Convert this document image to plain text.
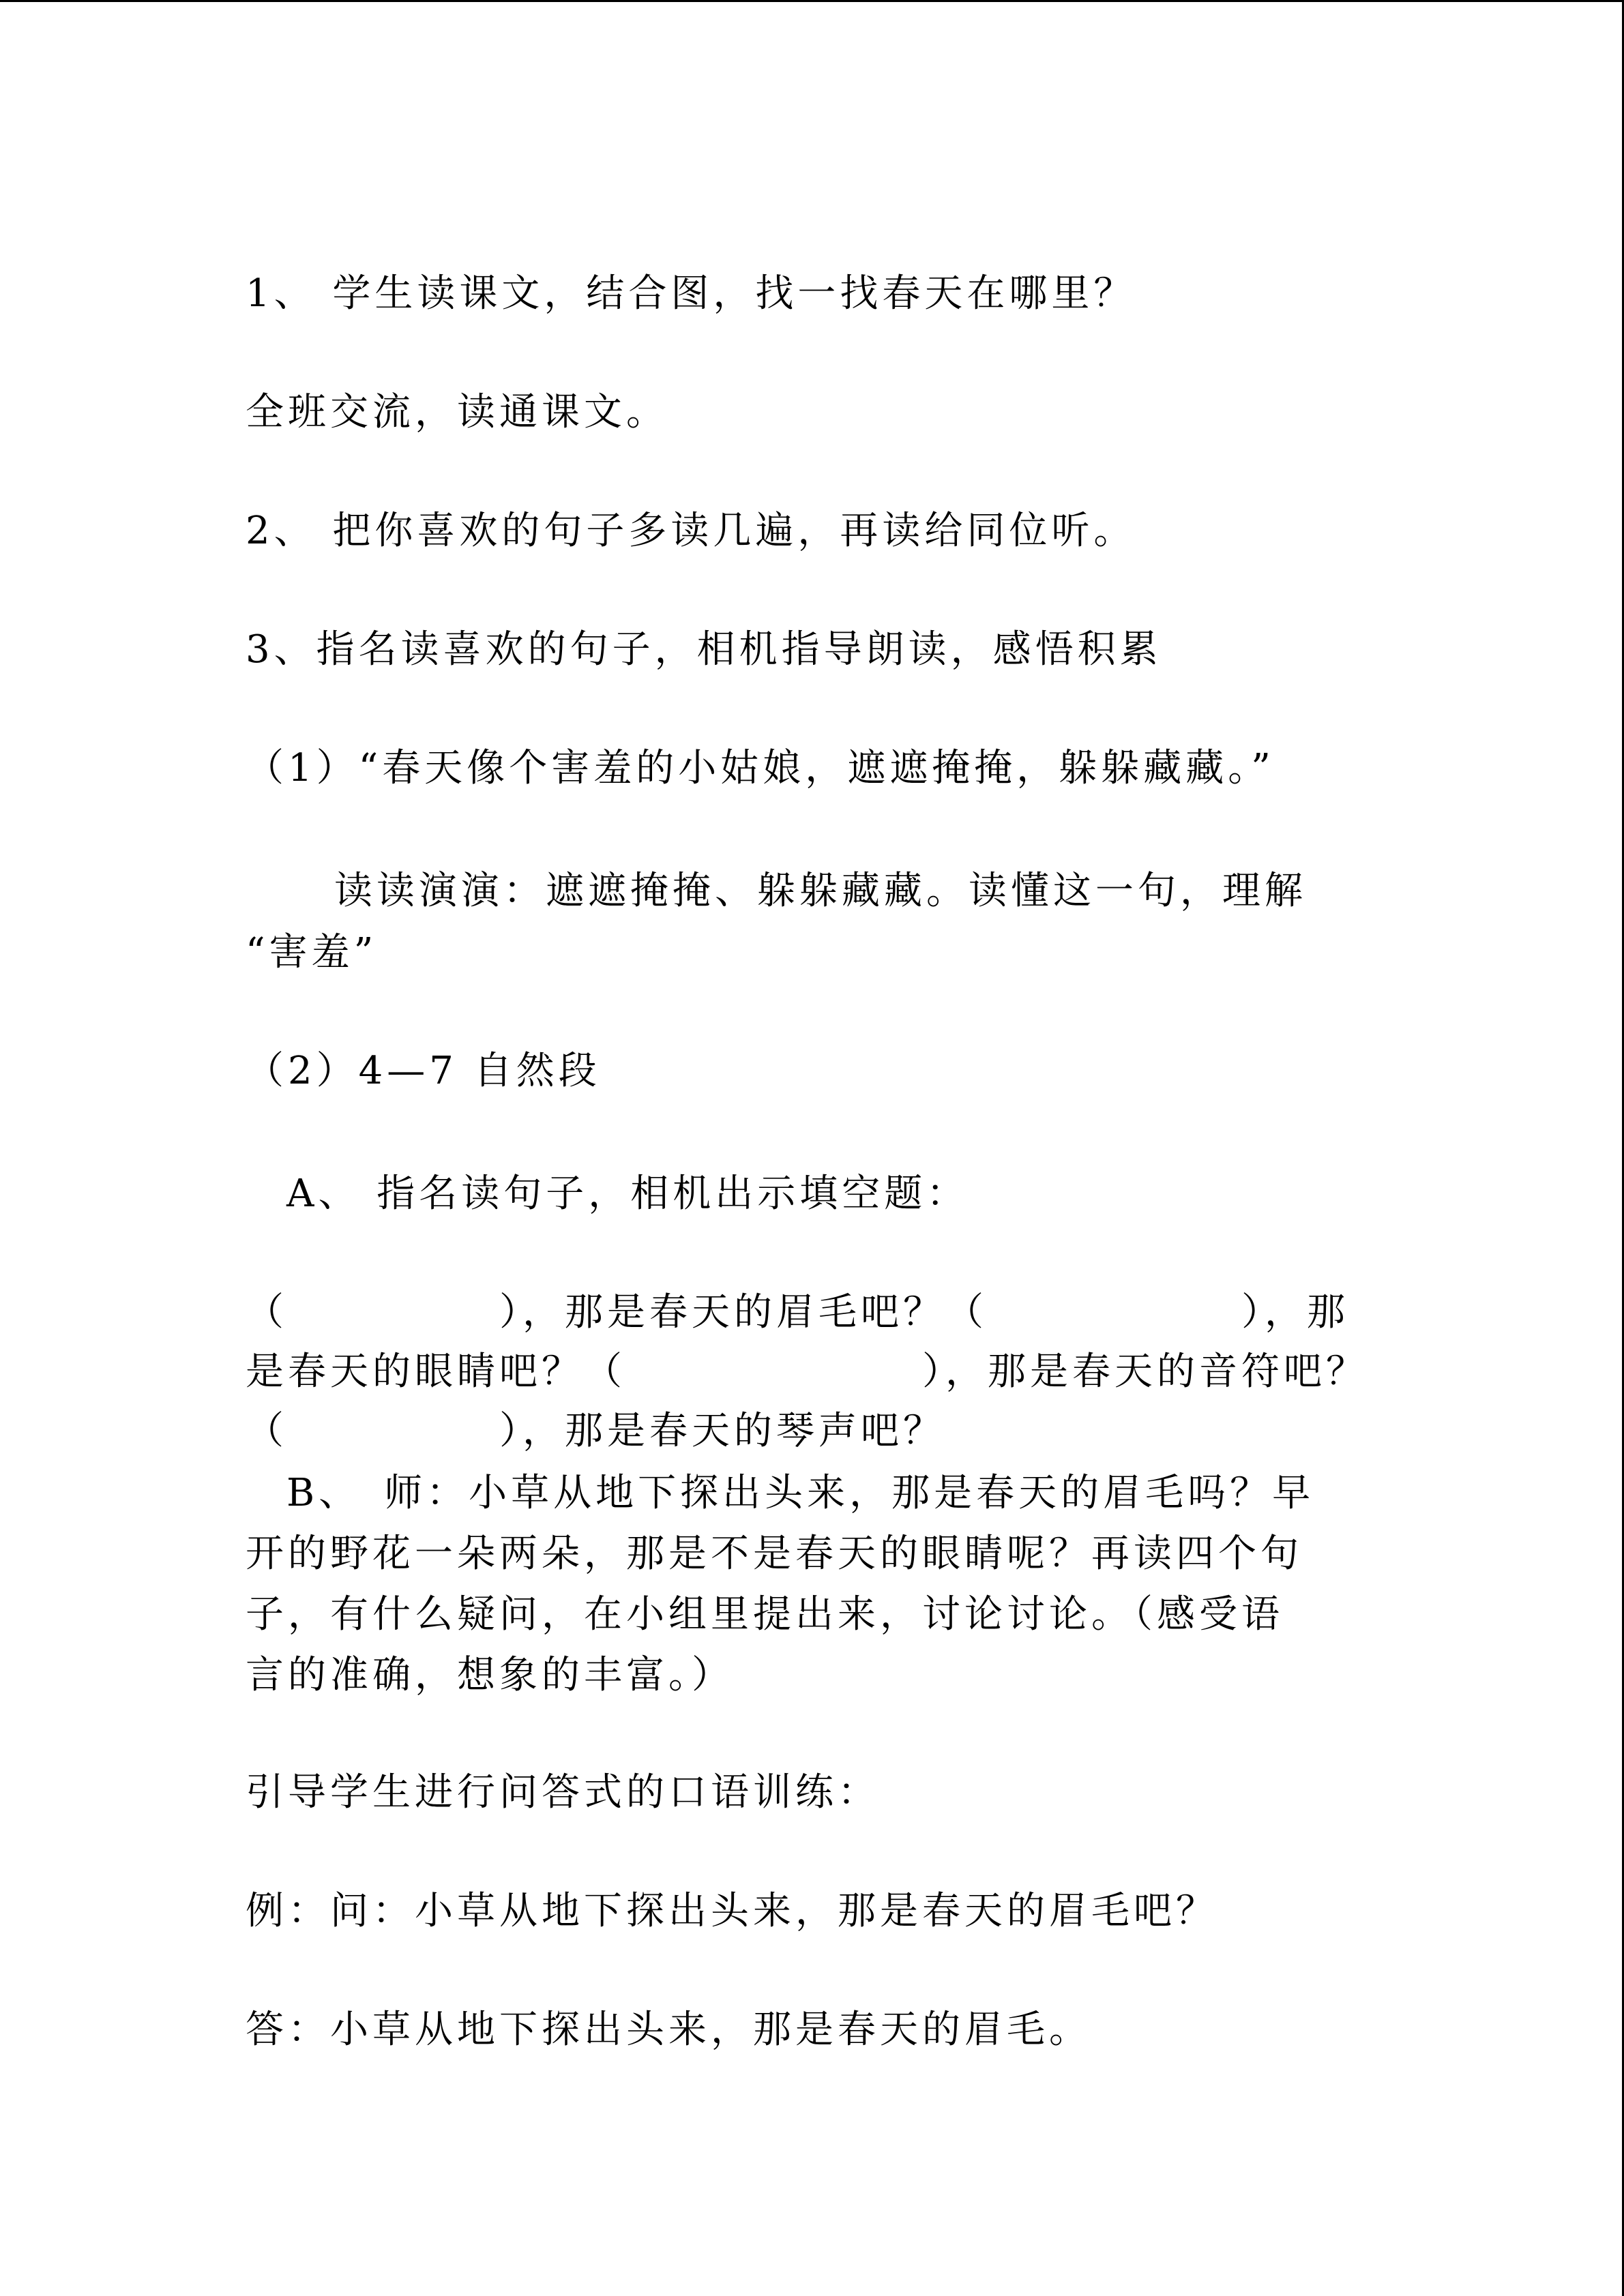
1、 学生读课文，结合图，找一找春天在哪里？
全班交流，读通课文。
2、 把你喜欢的句子多读几遍，再读给同位听。
3、指名读喜欢的句子，相机指导朗读，感悟积累
（1）“春天像个害羞的小姑娘，遮遮掩掩，躲躲藏藏。”
读读演演：遮遮掩掩、躲躲藏藏。读懂这一句，理解
“害羞”
（2）4—7 自然段
A、 指名读句子，相机出示填空题：
（　　　　　），那是春天的眉毛吧？（　　　　　　），那
是春天的眼睛吧？（　　　　　　　），那是春天的音符吧？
（　　　　　），那是春天的琴声吧？
B、　师：小草从地下探出头来，那是春天的眉毛吗？早
开的野花一朵两朵，那是不是春天的眼睛呢？再读四个句
子，有什么疑问，在小组里提出来，讨论讨论。（感受语
言的准确，想象的丰富。）
引导学生进行问答式的口语训练：
例：问：小草从地下探出头来，那是春天的眉毛吧？
答：小草从地下探出头来，那是春天的眉毛。
